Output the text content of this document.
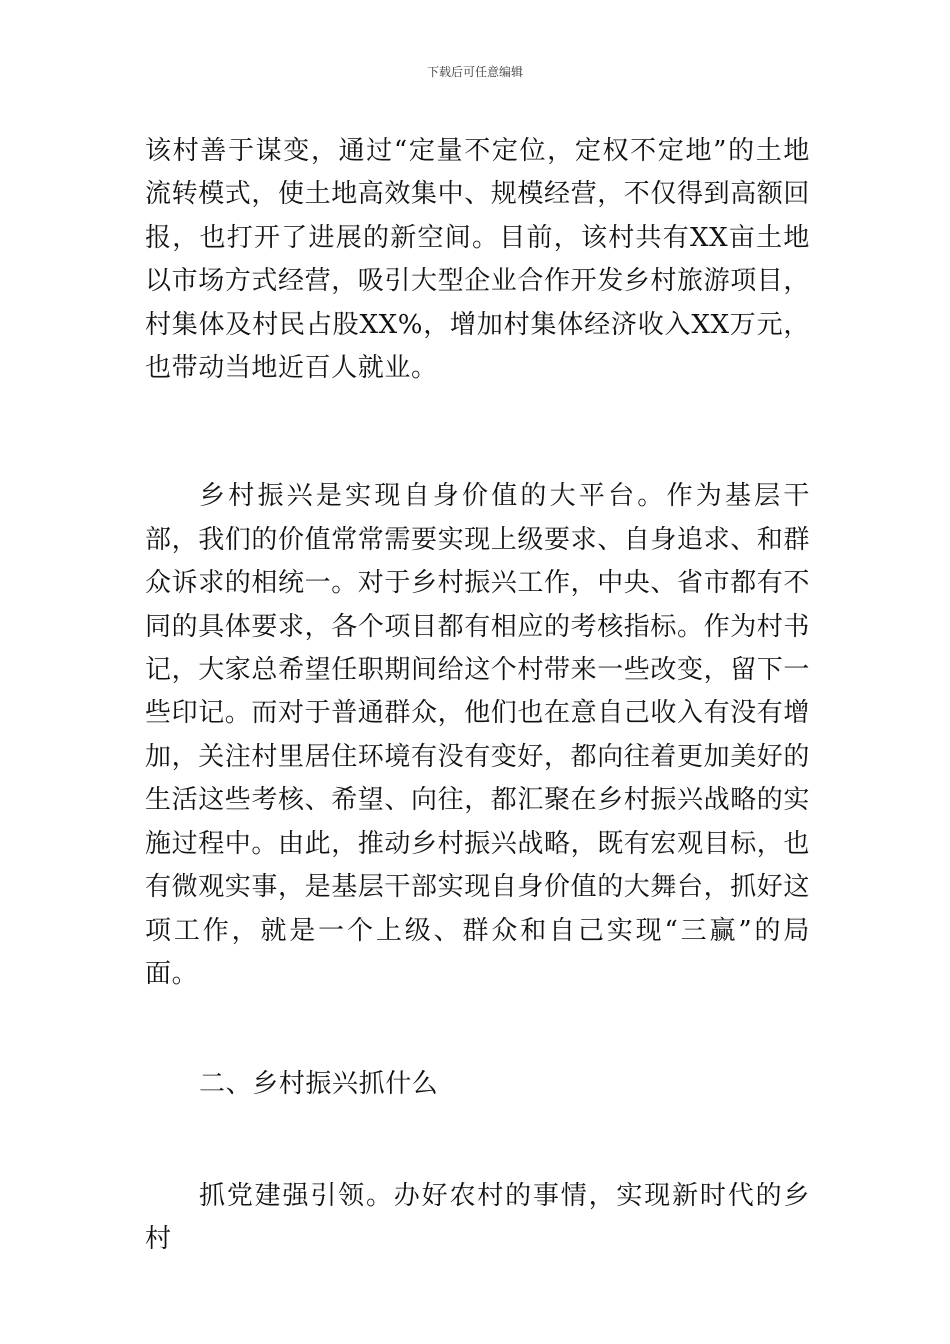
下载后可任意编辑

该村善于谋变，通过“定量不定位，定权不定地”的土地流转模式，使土地高效集中、规模经营，不仅得到高额回报，也打开了进展的新空间。目前，该村共有XX亩土地以市场方式经营，吸引大型企业合作开发乡村旅游项目，村集体及村民占股XX%，增加村集体经济收入XX万元，也带动当地近百人就业。

乡村振兴是实现自身价值的大平台。作为基层干部，我们的价值常常需要实现上级要求、自身追求、和群众诉求的相统一。对于乡村振兴工作，中央、省市都有不同的具体要求，各个项目都有相应的考核指标。作为村书记，大家总希望任职期间给这个村带来一些改变，留下一些印记。而对于普通群众，他们也在意自己收入有没有增加，关注村里居住环境有没有变好，都向往着更加美好的生活这些考核、希望、向往，都汇聚在乡村振兴战略的实施过程中。由此，推动乡村振兴战略，既有宏观目标，也有微观实事，是基层干部实现自身价值的大舞台，抓好这项工作，就是一个上级、群众和自己实现“三赢”的局面。

二、乡村振兴抓什么

抓党建强引领。办好农村的事情，实现新时代的乡村
